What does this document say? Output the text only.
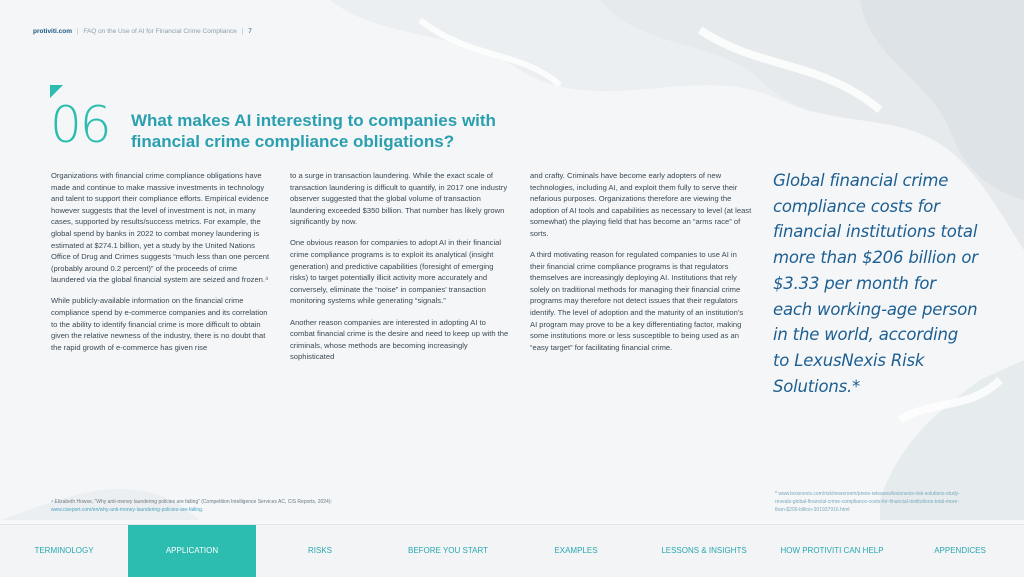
protiviti.com | FAQ on the Use of AI for Financial Crime Compliance | 7
06 What makes AI interesting to companies with financial crime compliance obligations?

Organizations with financial crime compliance obligations have made and continue to make massive investments in technology and talent to support their compliance efforts. Empirical evidence however suggests that the level of investment is not, in many cases, supported by results/success metrics. For example, the global spend by banks in 2022 to combat money laundering is estimated at $274.1 billion, yet a study by the United Nations Office of Drug and Crimes suggests “much less than one percent (probably around 0.2 percent)” of the proceeds of crime laundered via the global financial system are seized and frozen.⁴

While publicly-available information on the financial crime compliance spend by e-commerce companies and its correlation to the ability to identify financial crime is more difficult to obtain given the relative newness of the industry, there is no doubt that the rapid growth of e-commerce has given rise

to a surge in transaction laundering. While the exact scale of transaction laundering is difficult to quantify, in 2017 one industry observer suggested that the global volume of transaction laundering exceeded $350 billion. That number has likely grown significantly by now.

One obvious reason for companies to adopt AI in their financial crime compliance programs is to exploit its analytical (insight generation) and predictive capabilities (foresight of emerging risks) to target potentially illicit activity more accurately and conversely, eliminate the “noise” in companies’ transaction monitoring systems while generating “signals.”

Another reason companies are interested in adopting AI to combat financial crime is the desire and need to keep up with the criminals, whose methods are becoming increasingly sophisticated

and crafty. Criminals have become early adopters of new technologies, including AI, and exploit them fully to serve their nefarious purposes. Organizations therefore are viewing the adoption of AI tools and capabilities as necessary to level (at least somewhat) the playing field that has become an “arms race” of sorts.

A third motivating reason for regulated companies to use AI in their financial crime compliance programs is that regulators themselves are increasingly deploying AI. Institutions that rely solely on traditional methods for managing their financial crime programs may therefore not detect issues that their regulators identify. The level of adoption and the maturity of an institution’s AI program may prove to be a key differentiating factor, making some institutions more or less susceptible to being used as an “easy target” for facilitating financial crime.

Global financial crime compliance costs for financial institutions total more than $206 billion or $3.33 per month for each working-age person in the world, according to LexusNexis Risk Solutions.*
⁴ Elizabeth Howse, “Why anti-money laundering policies are failing” (Competition Intelligence Services AC, CIS Reports, 2024): www.ciseport.com/en/why-anti-money-laundering-policies-are-failing.
* www.lexisnexis.com/risk/newsroom/press-releases/lexisnexis-risk-solutions-study-reveals-global-financial-crime-compliance-costs-for-financial-institutions-total-more-than-$206-billion-301937916.html
TERMINOLOGY	APPLICATION	RISKS	BEFORE YOU START	EXAMPLES	LESSONS & INSIGHTS	HOW PROTIVITI CAN HELP	APPENDICES
